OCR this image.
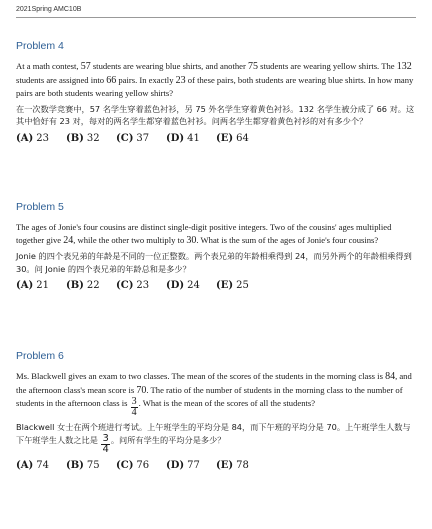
2021Spring AMC10B
Problem 4

At a math contest, 57 students are wearing blue shirts, and another 75 students are wearing yellow shirts. The 132 students are assigned into 66 pairs. In exactly 23 of these pairs, both students are wearing blue shirts. In how many pairs are both students wearing yellow shirts?

在一次数学竞赛中，57 名学生穿着蓝色衬衫，另 75 外名学生穿着黄色衬衫。132 名学生被分成了 66 对。这其中恰好有 23 对，每对的两名学生都穿着蓝色衬衫。问两名学生都穿着黄色衬衫的对有多少个？

(A) 23	(B) 32	(C) 37	(D) 41	(E) 64
Problem 5

The ages of Jonie's four cousins are distinct single-digit positive integers. Two of the cousins' ages multiplied together give 24, while the other two multiply to 30. What is the sum of the ages of Jonie's four cousins?

Jonie 的四个表兄弟的年龄是不同的一位正整数。两个表兄弟的年龄相乘得到 24，而另外两个的年龄相乘得到 30。问 Jonie 的四个表兄弟的年龄总和是多少？

(A) 21	(B) 22	(C) 23	(D) 24	(E) 25
Problem 6

Ms. Blackwell gives an exam to two classes. The mean of the scores of the students in the morning class is 84, and the afternoon class's mean score is 70. The ratio of the number of students in the morning class to the number of students in the afternoon class is $\frac{3}{4}$ . What is the mean of the scores of all the students?

Blackwell 女士在两个班进行考试。上午班学生的平均分是 84，而下午班的平均分是 70。上午班学生人数与下午班学生人数之比是 $\frac{3}{4}$ 。问所有学生的平均分是多少？

(A) 74	(B) 75	(C) 76	(D) 77	(E) 78
